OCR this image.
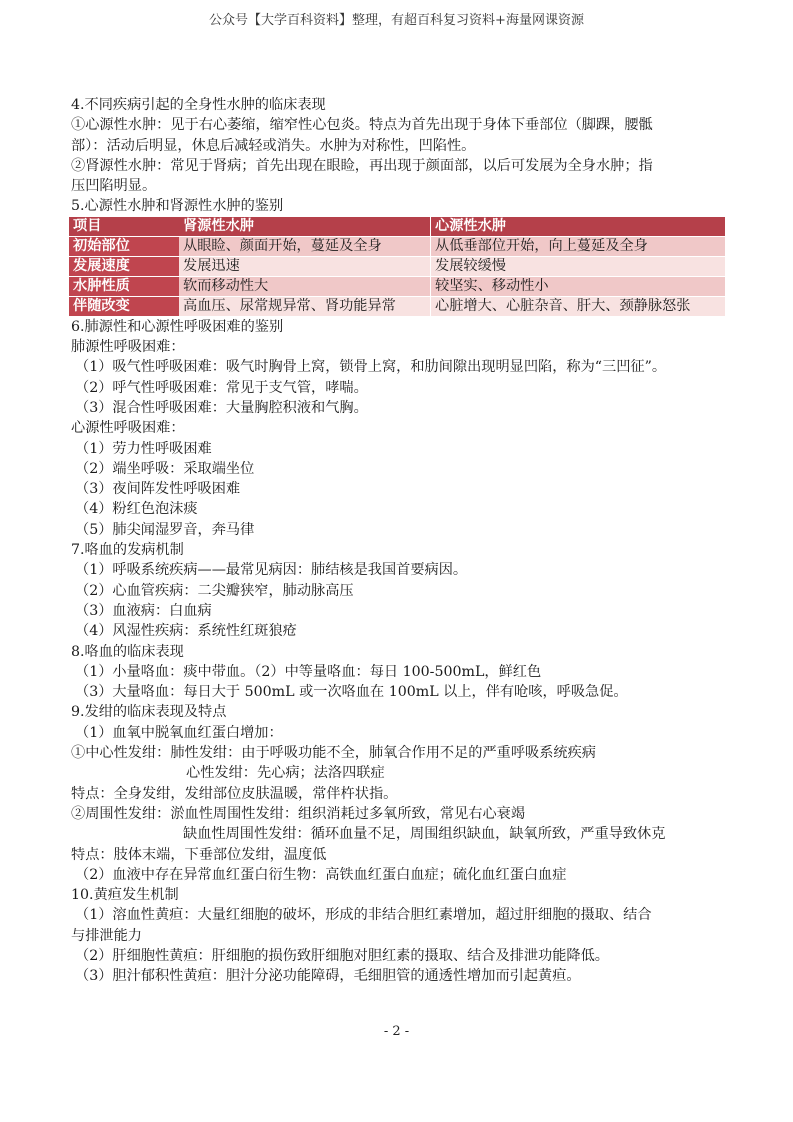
公众号【大学百科资料】整理，有超百科复习资料+海量网课资源
4.不同疾病引起的全身性水肿的临床表现
①心源性水肿：见于右心萎缩，缩窄性心包炎。特点为首先出现于身体下垂部位（脚踝，腰骶
部）：活动后明显，休息后减轻或消失。水肿为对称性，凹陷性。
②肾源性水肿：常见于肾病；首先出现在眼睑，再出现于颜面部，以后可发展为全身水肿；指
压凹陷明显。
5.心源性水肿和肾源性水肿的鉴别
项目	肾源性水肿	心源性水肿
初始部位	从眼睑、颜面开始，蔓延及全身	从低垂部位开始，向上蔓延及全身
发展速度	发展迅速	发展较缓慢
水肿性质	软而移动性大	较坚实、移动性小
伴随改变	高血压、尿常规异常、肾功能异常	心脏增大、心脏杂音、肝大、颈静脉怒张
6.肺源性和心源性呼吸困难的鉴别
肺源性呼吸困难：
（1）吸气性呼吸困难：吸气时胸骨上窝，锁骨上窝，和肋间隙出现明显凹陷，称为“三凹征”。
（2）呼气性呼吸困难：常见于支气管，哮喘。
（3）混合性呼吸困难：大量胸腔积液和气胸。
心源性呼吸困难：
（1）劳力性呼吸困难
（2）端坐呼吸：采取端坐位
（3）夜间阵发性呼吸困难
（4）粉红色泡沫痰
（5）肺尖闻湿罗音，奔马律
7.咯血的发病机制
（1）呼吸系统疾病——最常见病因：肺结核是我国首要病因。
（2）心血管疾病：二尖瓣狭窄，肺动脉高压
（3）血液病：白血病
（4）风湿性疾病：系统性红斑狼疮
8.咯血的临床表现
（1）小量咯血：痰中带血。（2）中等量咯血：每日 100-500mL，鲜红色
（3）大量咯血：每日大于 500mL 或一次咯血在 100mL 以上，伴有呛咳，呼吸急促。
9.发绀的临床表现及特点
（1）血氧中脱氧血红蛋白增加：
①中心性发绀：肺性发绀：由于呼吸功能不全，肺氧合作用不足的严重呼吸系统疾病
心性发绀：先心病；法洛四联症
特点：全身发绀，发绀部位皮肤温暖，常伴杵状指。
②周围性发绀：淤血性周围性发绀：组织消耗过多氧所致，常见右心衰竭
缺血性周围性发绀：循环血量不足，周围组织缺血，缺氧所致，严重导致休克
特点：肢体末端，下垂部位发绀，温度低
（2）血液中存在异常血红蛋白衍生物：高铁血红蛋白血症；硫化血红蛋白血症
10.黄疸发生机制
（1）溶血性黄疸：大量红细胞的破坏，形成的非结合胆红素增加，超过肝细胞的摄取、结合
与排泄能力
（2）肝细胞性黄疸：肝细胞的损伤致肝细胞对胆红素的摄取、结合及排泄功能降低。
（3）胆汁郁积性黄疸：胆汁分泌功能障碍，毛细胆管的通透性增加而引起黄疸。
- 2 -
